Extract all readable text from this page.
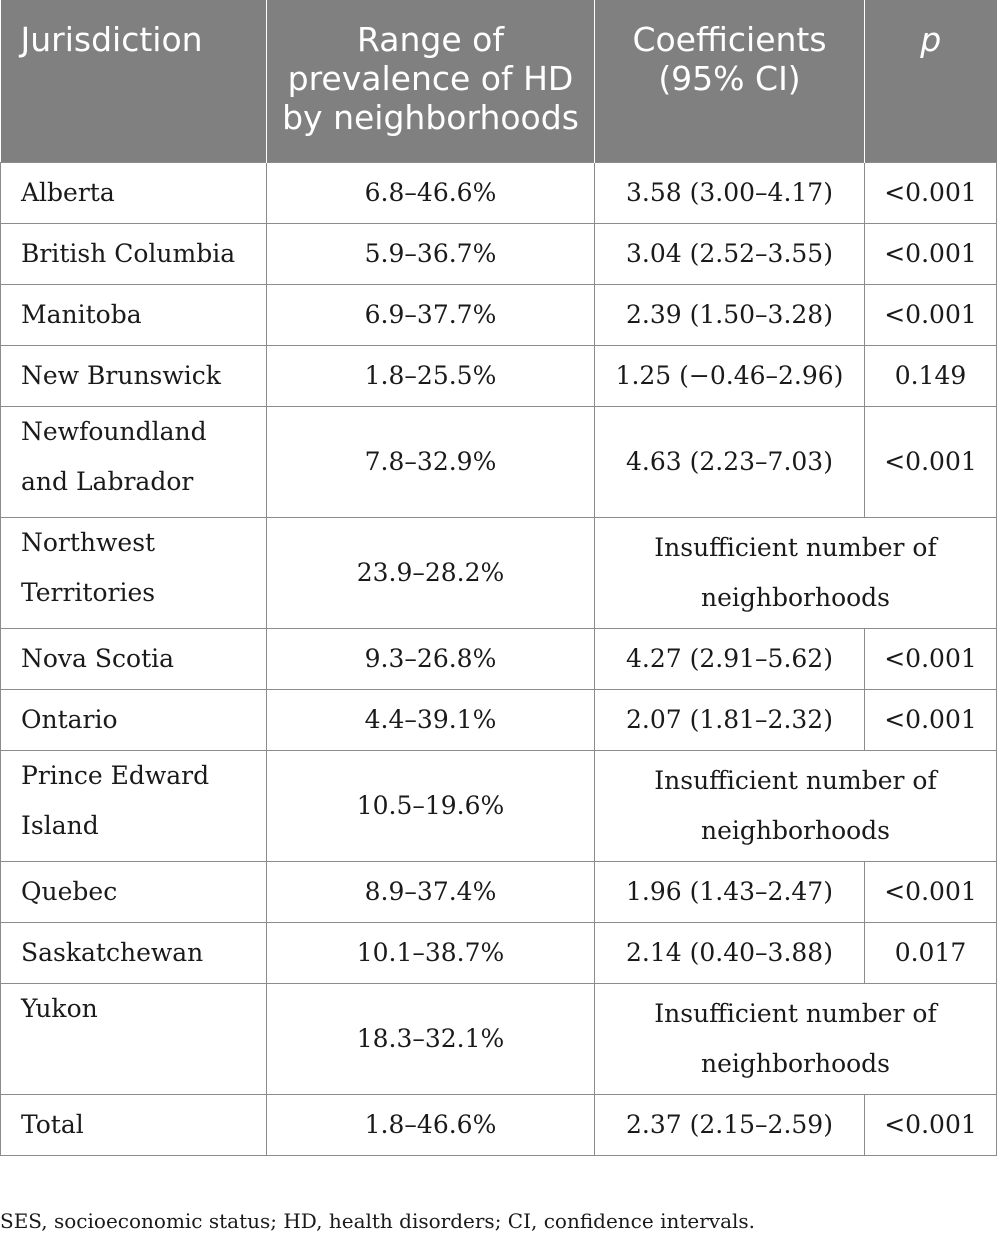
Jurisdiction	Range of prevalence of HD by neighborhoods	Coefficients (95% CI)	p
Alberta	6.8–46.6%	3.58 (3.00–4.17)	<0.001
British Columbia	5.9–36.7%	3.04 (2.52–3.55)	<0.001
Manitoba	6.9–37.7%	2.39 (1.50–3.28)	<0.001
New Brunswick	1.8–25.5%	1.25 (−0.46–2.96)	0.149
Newfoundland and Labrador	7.8–32.9%	4.63 (2.23–7.03)	<0.001
Northwest Territories	23.9–28.2%	Insufficient number of neighborhoods	
Nova Scotia	9.3–26.8%	4.27 (2.91–5.62)	<0.001
Ontario	4.4–39.1%	2.07 (1.81–2.32)	<0.001
Prince Edward Island	10.5–19.6%	Insufficient number of neighborhoods	
Quebec	8.9–37.4%	1.96 (1.43–2.47)	<0.001
Saskatchewan	10.1–38.7%	2.14 (0.40–3.88)	0.017
Yukon	18.3–32.1%	Insufficient number of neighborhoods	
Total	1.8–46.6%	2.37 (2.15–2.59)	<0.001
SES, socioeconomic status; HD, health disorders; CI, confidence intervals.
